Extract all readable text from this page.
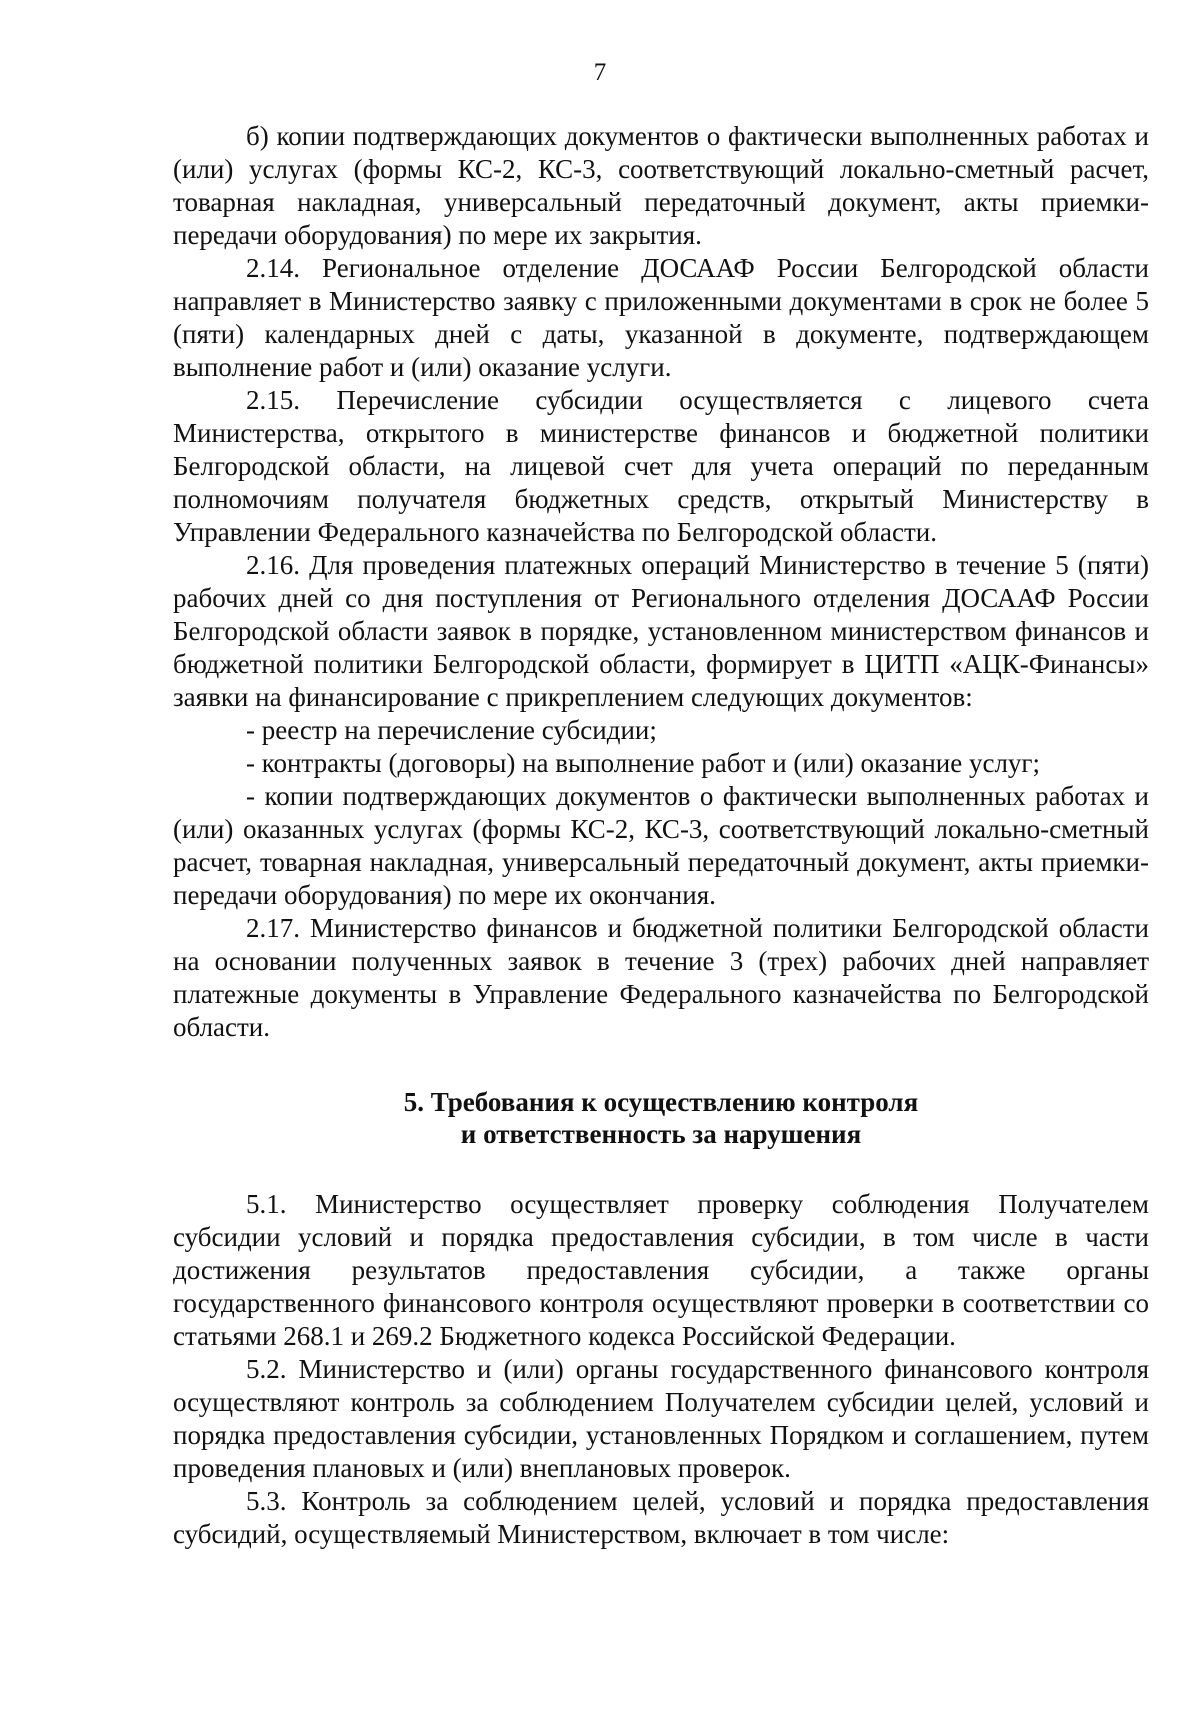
7

б) копии подтверждающих документов о фактически выполненных работах и (или) услугах (формы КС-2, КС-3, соответствующий локально-сметный расчет, товарная накладная, универсальный передаточный документ, акты приемки-передачи оборудования) по мере их закрытия.

2.14. Региональное отделение ДОСААФ России Белгородской области направляет в Министерство заявку с приложенными документами в срок не более 5 (пяти) календарных дней с даты, указанной в документе, подтверждающем выполнение работ и (или) оказание услуги.

2.15. Перечисление субсидии осуществляется с лицевого счета Министерства, открытого в министерстве финансов и бюджетной политики Белгородской области, на лицевой счет для учета операций по переданным полномочиям получателя бюджетных средств, открытый Министерству в Управлении Федерального казначейства по Белгородской области.

2.16. Для проведения платежных операций Министерство в течение 5 (пяти) рабочих дней со дня поступления от Регионального отделения ДОСААФ России Белгородской области заявок в порядке, установленном министерством финансов и бюджетной политики Белгородской области, формирует в ЦИТП «АЦК-Финансы» заявки на финансирование с прикреплением следующих документов:

- реестр на перечисление субсидии;

- контракты (договоры) на выполнение работ и (или) оказание услуг;

- копии подтверждающих документов о фактически выполненных работах и (или) оказанных услугах (формы КС-2, КС-3, соответствующий локально-сметный расчет, товарная накладная, универсальный передаточный документ, акты приемки-передачи оборудования) по мере их окончания.

2.17. Министерство финансов и бюджетной политики Белгородской области на основании полученных заявок в течение 3 (трех) рабочих дней направляет платежные документы в Управление Федерального казначейства по Белгородской области.

5. Требования к осуществлению контроля
и ответственность за нарушения

5.1. Министерство осуществляет проверку соблюдения Получателем субсидии условий и порядка предоставления субсидии, в том числе в части достижения результатов предоставления субсидии, а также органы государственного финансового контроля осуществляют проверки в соответствии со статьями 268.1 и 269.2 Бюджетного кодекса Российской Федерации.

5.2. Министерство и (или) органы государственного финансового контроля осуществляют контроль за соблюдением Получателем субсидии целей, условий и порядка предоставления субсидии, установленных Порядком и соглашением, путем проведения плановых и (или) внеплановых проверок.

5.3. Контроль за соблюдением целей, условий и порядка предоставления субсидий, осуществляемый Министерством, включает в том числе:
